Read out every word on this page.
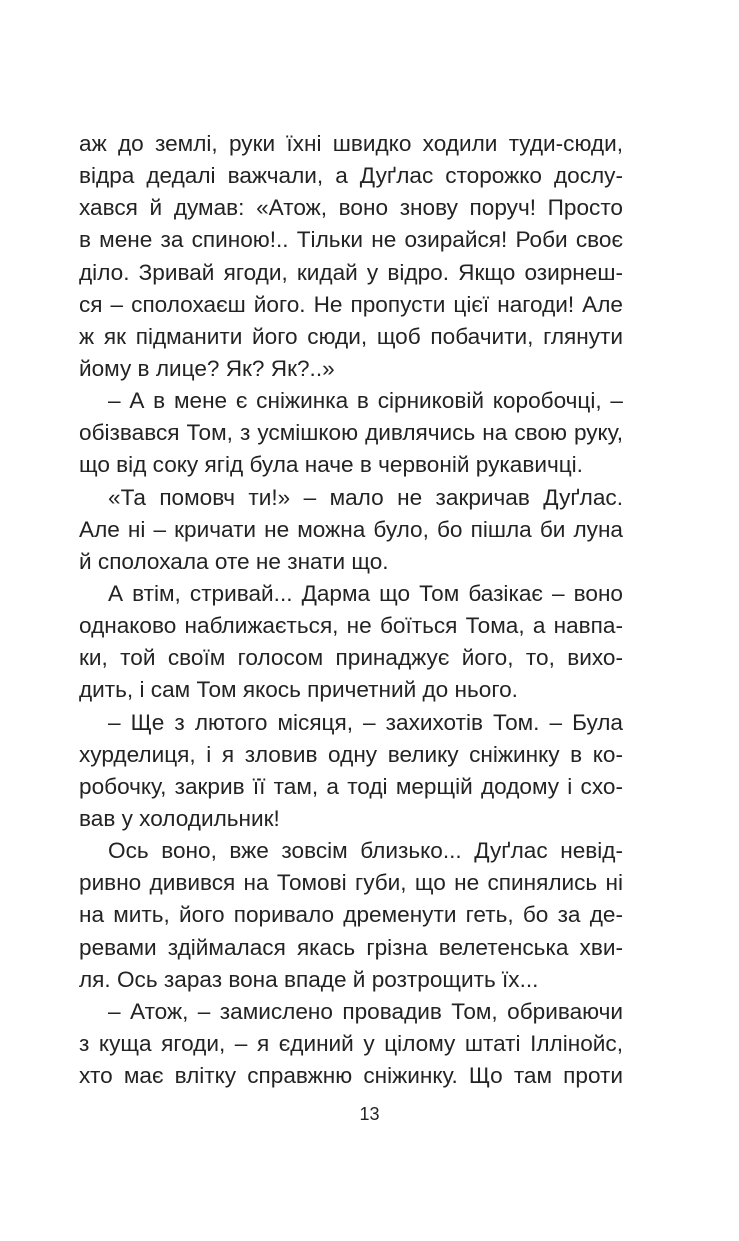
аж до землі, руки їхні швидко ходили туди-сюди,
відра дедалі важчали, а Дуґлас сторожко дослу-
хався й думав: «Атож, воно знову поруч! Просто
в мене за спиною!.. Тільки не озирайся! Роби своє
діло. Зривай ягоди, кидай у відро. Якщо озирнеш-
ся – сполохаєш його. Не пропусти цієї нагоди! Але
ж як підманити його сюди, щоб побачити, глянути
йому в лице? Як? Як?..»
– А в мене є сніжинка в сірниковій коробочці, –
обізвався Том, з усмішкою дивлячись на свою руку,
що від соку ягід була наче в червоній рукавичці.
«Та помовч ти!» – мало не закричав Дуґлас.
Але ні – кричати не можна було, бо пішла би луна
й сполохала оте не знати що.
А втім, стривай... Дарма що Том базікає – воно
однаково наближається, не боїться Тома, а навпа-
ки, той своїм голосом принаджує його, то, вихо-
дить, і сам Том якось причетний до нього.
– Ще з лютого місяця, – захихотів Том. – Була
хурделиця, і я зловив одну велику сніжинку в ко-
робочку, закрив її там, а тоді мерщій додому і схо-
вав у холодильник!
Ось воно, вже зовсім близько... Дуґлас невід-
ривно дивився на Томові губи, що не спинялись ні
на мить, його поривало дременути геть, бо за де-
ревами здіймалася якась грізна велетенська хви-
ля. Ось зараз вона впаде й розтрощить їх...
– Атож, – замислено провадив Том, обриваючи
з куща ягоди, – я єдиний у цілому штаті Іллінойс,
хто має влітку справжню сніжинку. Що там проти
13
